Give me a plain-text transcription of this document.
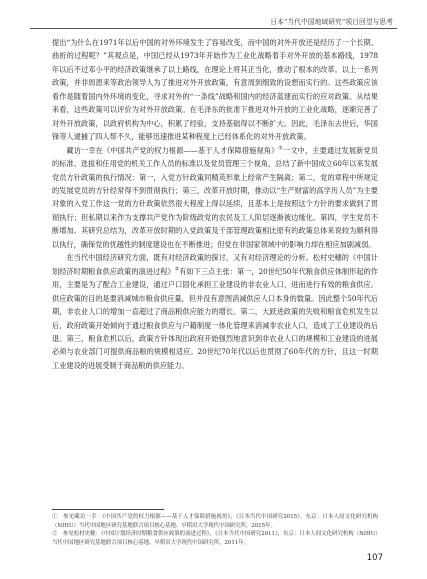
日本“当代中国地域研究”项目回望与思考

提出“为什么在1971年以后中国的对外环境发生了容易改变，而中国的对外开放还是经历了一个长期、曲折的过程呢？”其观点是，中国已经从1973年开始作为工业化战略着手对外开放的基本路线，1978年以后不过邓小平的经济政策继承了以上路线，在理论上将其正当化，推动了根本的改革。以上一系列政策，并非周恩来等政治领导人为了推进对外开放政策，有意周到细致的设想而实行的。这些政策应该看作是随着国内外环境的变化，寻求对外的“一条线”战略和国内的经济蓝建而实行的应对政策。从结果来看，这些政策可以评价为对外开放政策。在毛泽东的批准下推进对外开放的工业化战略，逐渐完善了对外开放政策，以政府机构为中心，积累了经验，支持基础得以不断扩大。因此，毛泽东去世后，华国锋等人逮捕了四人帮不久，能够迅速推进某种程度上已经体系化的对外开放政策。

藏访一幸在《中国共产党的权力根源——基于人才保障措施视角》①一文中，主要通过发展新党员的标准、选拔和任用党的机关工作人员的标准以及党员管理三个视角，总结了新中国成立60年以来发展党员方针政策的执行情况：第一，入党方针政策同精英形象上经常产生隔离；第二，党的章程中所规定的发展党员的方针经常得不到贯彻执行；第三，改革开放时期，推动以“生产财富的高学历人员”为主要对象的入党工作这一党的方针政策依然很大程度上得以延续，且基本上是按照这个方针的要求做到了贯彻执行；但私期以来作为支撑共产党作为阶级政党的农民及工人阶层逐渐被边缘化。第四，学生党员不断增加。其研究总结为，改革开放时期的入党政策及干部管理政策相比原有的政策总体来说较为顺利得以执行，确保党的优越性的制度建设也在不断推进；但党在非国家领域中的影响力却在相应加剧减弱。

在当代中国经济研究方面，既有对经济政策的探讨，又有对经济理论的分析。松村史穗的《中国计划经济时期粮食供应政策的演进过程》②有如下三点主张：第一，20世纪50年代粮食供应体制形起的作用，主要是为了配合工业建设，通过户口固化承担工业建设的非农业人口，进而进行有效的粮食供应。供应政策的目的是要消减城市粮食供应量，但并没有意图消减供应人口本身的数量。因此整个50年代后期，非农业人口的增加一直超过了商品粮供应能力的增长。第二，大跃进政策的失败和粮食危机发生以后，政府政策开始倾向于通过粮食供应与户籍制度一体化管理来消减非农业人口，造成了工业建设的后退。第三，粮食危机以后，政策方针体现出政府开始强烈地意识到非农业人口的规模和工业建设的进展必须与农业部门可提供商品粮的规模相适应。20世纪70年代以后也贯彻了60年代的方针，且这一时期工业建设的进展受制于商品粮的供应能力。

①　参见藏访一幸：《中国共产党的权力根源——基于人才保障措施视角》，《日本当代中国研究2015》，东京：日本人间文化研究机构（NIHU）当代中国地区研究基地联合项目核心基地、早稻田大学现代中国研究所，2015年。

②　参见松村史穗：《中国计划经济时期粮食供应政策的演进过程》，《日本当代中国研究2011》，东京：日本人间文化研究机构（NIHU）当代中国地区研究基地联合项目核心基地、早稻田大学现代中国研究所，2011年。

107
